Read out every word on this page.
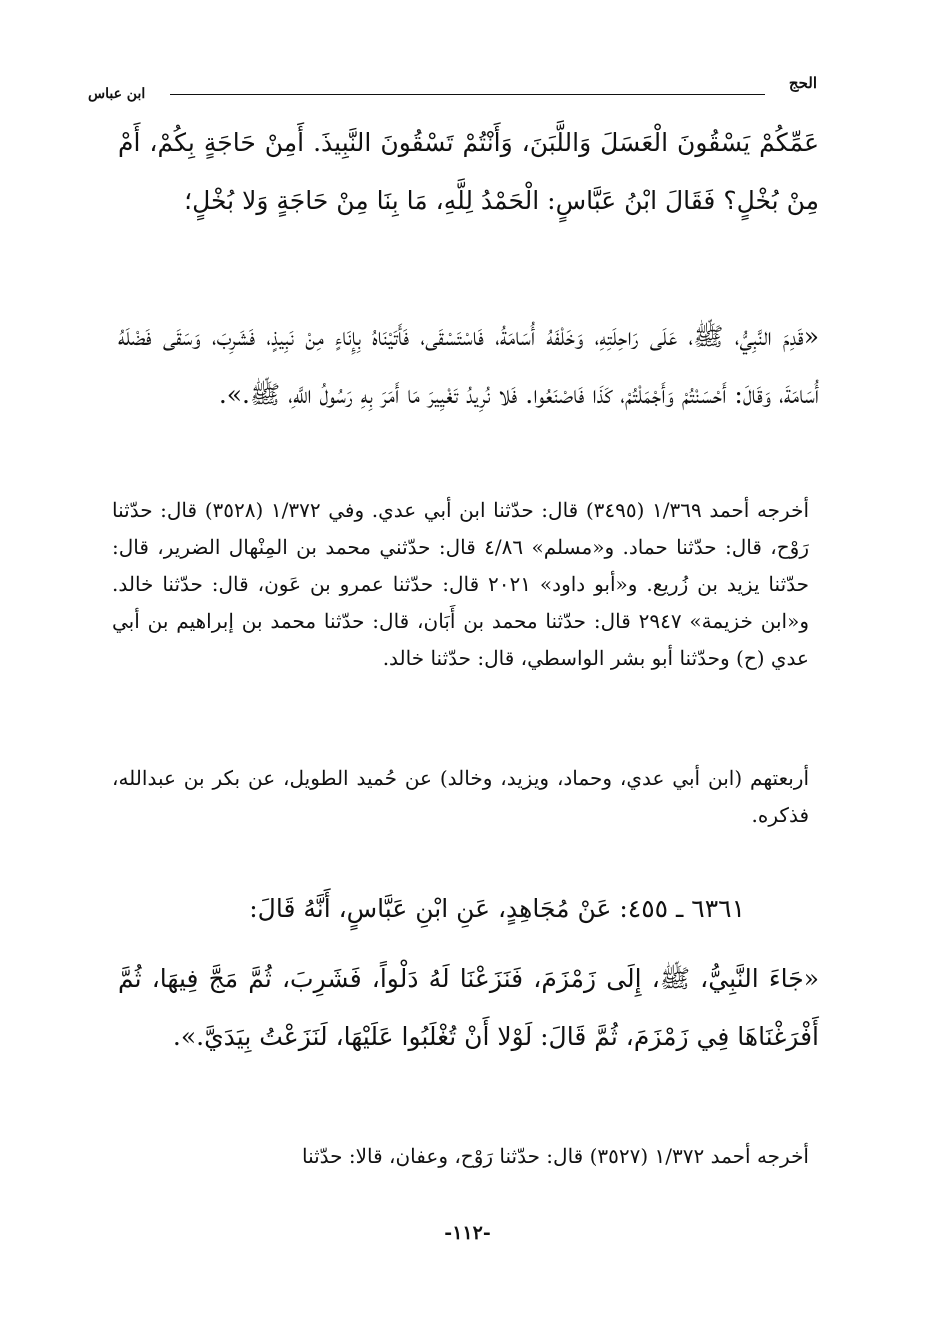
الحج
ابن عباس
عَمِّكُمْ يَسْقُونَ الْعَسَلَ وَاللَّبَنَ، وَأَنْتُمْ تَسْقُونَ النَّبِيذَ. أَمِنْ حَاجَةٍ بِكُمْ، أَمْ مِنْ بُخْلٍ؟ فَقَالَ ابْنُ عَبَّاسٍ: الْحَمْدُ لِلَّهِ، مَا بِنَا مِنْ حَاجَةٍ وَلا بُخْلٍ؛
«قَدِمَ النَّبِيُّ، ﷺ، عَلَى رَاحِلَتِهِ، وَخَلْفَهُ أُسَامَةُ، فَاسْتَسْقَى، فَأَتَيْنَاهُ بِإِنَاءٍ مِنْ نَبِيذٍ، فَشَرِبَ، وَسَقَى فَضْلَهُ أُسَامَةَ، وَقَالَ: أَحْسَنْتُمْ وَأَجْمَلْتُمْ، كَذَا فَاصْنَعُوا. فَلا نُرِيدُ تَغْيِيرَ مَا أَمَرَ بِهِ رَسُولُ اللَّهِ، ﷺ.».
أخرجه أحمد ١/٣٦٩ (٣٤٩٥) قال: حدّثنا ابن أبي عدي. وفي ١/٣٧٢ (٣٥٢٨) قال: حدّثنا رَوْح، قال: حدّثنا حماد. و«مسلم» ٤/٨٦ قال: حدّثني محمد بن المِنْهال الضرير، قال: حدّثنا يزيد بن زُريع. و«أبو داود» ٢٠٢١ قال: حدّثنا عمرو بن عَون، قال: حدّثنا خالد. و«ابن خزيمة» ٢٩٤٧ قال: حدّثنا محمد بن أَبَان، قال: حدّثنا محمد بن إبراهيم بن أبي عدي (ح) وحدّثنا أبو بشر الواسطي، قال: حدّثنا خالد.
أربعتهم (ابن أبي عدي، وحماد، ويزيد، وخالد) عن حُميد الطويل، عن بكر بن عبدالله، فذكره.
٦٣٦١ ـ ٤٥٥: عَنْ مُجَاهِدٍ، عَنِ ابْنِ عَبَّاسٍ، أَنَّهُ قَالَ:
«جَاءَ النَّبِيُّ، ﷺ، إِلَى زَمْزَمَ، فَنَزَعْنَا لَهُ دَلْواً، فَشَرِبَ، ثُمَّ مَجَّ فِيهَا، ثُمَّ أَفْرَغْنَاهَا فِي زَمْزَمَ، ثُمَّ قَالَ: لَوْلا أَنْ تُغْلَبُوا عَلَيْهَا، لَنَزَعْتُ بِيَدَيَّ.».
أخرجه أحمد ١/٣٧٢ (٣٥٢٧) قال: حدّثنا رَوْح، وعفان، قالا: حدّثنا
-١١٢-
